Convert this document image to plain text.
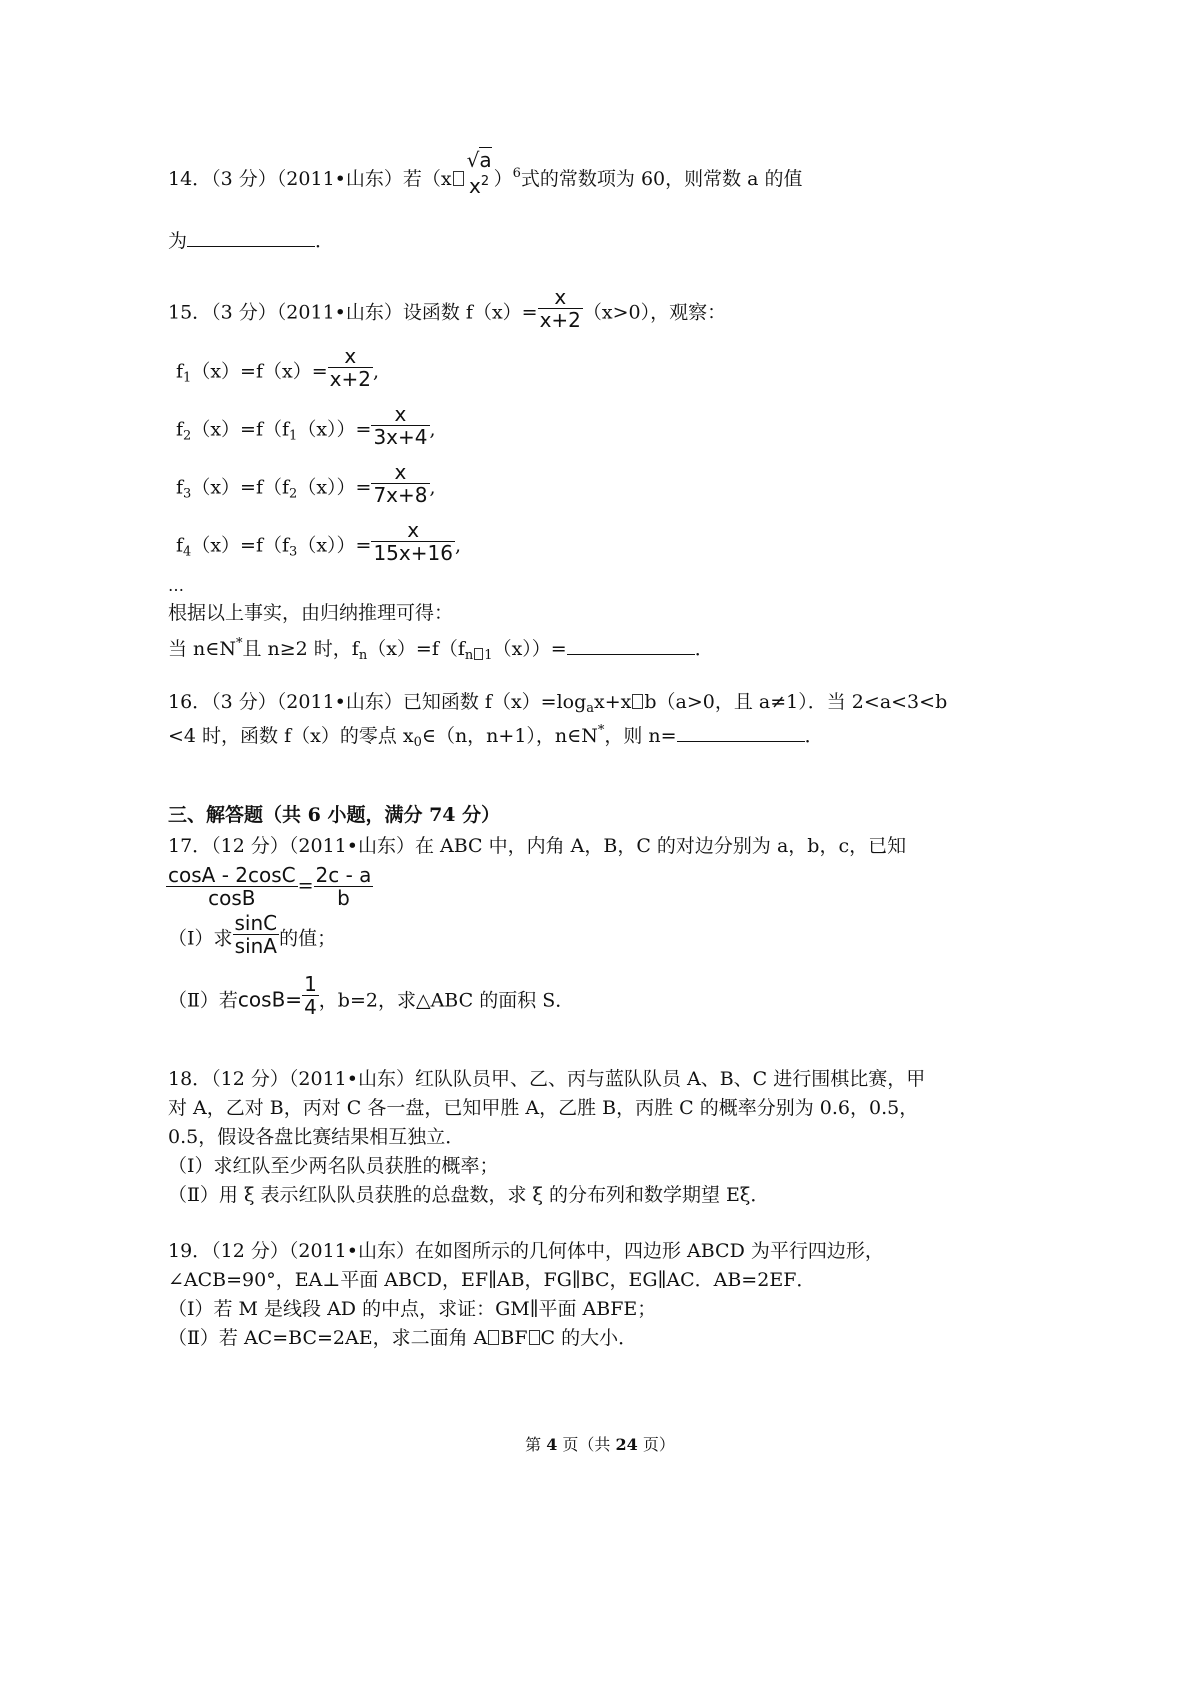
14．（3 分）（2011•山东）若（x
√a
$x^2$ ）$^6$式的常数项为 60，则常数 a 的值
为	．
15．（3 分）（2011•山东）设函数 $f(x)= \frac{x}{x+2} (x>0)$，观察：
$f_1(x)=f(x)= \frac{x}{x+2}$ ,
$f_2(x)=f(f_1(x))= \frac{x}{3x+4}$ ,
$f_3(x)=f(f_2(x))= \frac{x}{7x+8}$ ,
$f_4(x)=f(f_3(x))= \frac{x}{15x+16}$ ,
…
根据以上事实，由归纳推理可得：
当 n∈N*且 n≥2 时，$f_n(x)=f(f_{n 1}(x))=$	．
16．（3 分）（2011•山东）已知函数 $f(x)=\log_ax+x$ b（a>0，且 a≠1）．当 2<a<3<b
<4 时，函数 f（x）的零点 $x_0\in(n$，n+1），n∈N*，则 n=	．
三、解答题（共 6 小题，满分 74 分）
17．（12 分）（2011•山东）在 ABC 中，内角 A，B，C 的对边分别为 a，b，c，已知
$\frac{\cos A - 2\cos C}{\cos B} = \frac{2c - a}{b}$
（Ⅰ）求 $\frac{\sin C}{\sin A}$ 的值；
（Ⅱ）若$\cos B= \frac{1}{4}$ ，b=2，求△ABC 的面积 S．
18．（12 分）（2011•山东）红队队员甲、乙、丙与蓝队队员 A、B、C 进行围棋比赛，甲
对 A，乙对 B，丙对 C 各一盘，已知甲胜 A，乙胜 B，丙胜 C 的概率分别为 0.6，0.5，
0.5，假设各盘比赛结果相互独立．
（Ⅰ）求红队至少两名队员获胜的概率；
（Ⅱ）用 ξ 表示红队队员获胜的总盘数，求 ξ 的分布列和数学期望 Eξ．
19．（12 分）（2011•山东）在如图所示的几何体中，四边形 ABCD 为平行四边形，
∠ACB=90°，EA⊥平面 ABCD，EF∥AB，FG∥BC，EG∥AC．AB=2EF．
（Ⅰ）若 M 是线段 AD 的中点，求证：GM∥平面 ABFE；
（Ⅱ）若 AC=BC=2AE，求二面角 A BF C 的大小．
第 4 页（共 24 页）
